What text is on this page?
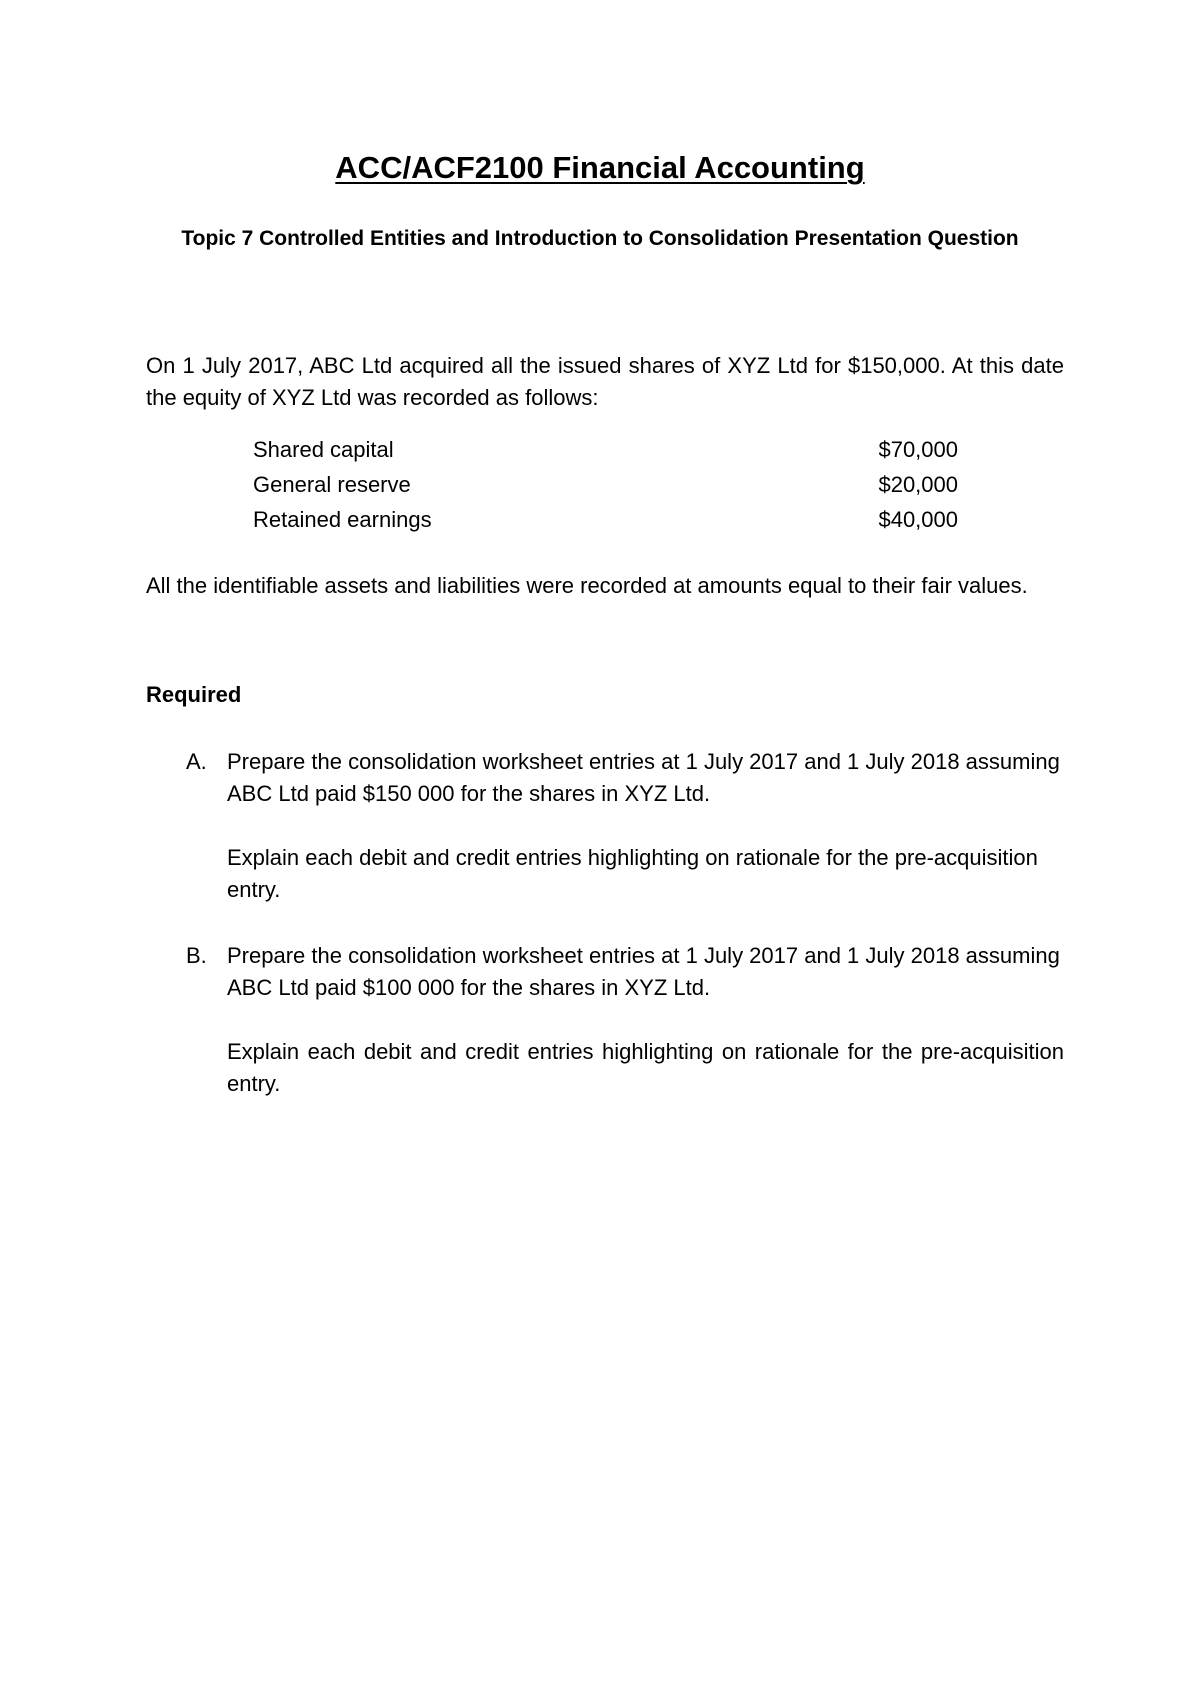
ACC/ACF2100 Financial Accounting

Topic 7 Controlled Entities and Introduction to Consolidation Presentation Question

On 1 July 2017, ABC Ltd acquired all the issued shares of XYZ Ltd for $150,000. At this date the equity of XYZ Ltd was recorded as follows:

Shared capital	$70,000
General reserve	$20,000
Retained earnings	$40,000

All the identifiable assets and liabilities were recorded at amounts equal to their fair values.

Required

A. Prepare the consolidation worksheet entries at 1 July 2017 and 1 July 2018 assuming ABC Ltd paid $150 000 for the shares in XYZ Ltd.

Explain each debit and credit entries highlighting on rationale for the pre-acquisition entry.

B. Prepare the consolidation worksheet entries at 1 July 2017 and 1 July 2018 assuming ABC Ltd paid $100 000 for the shares in XYZ Ltd.

Explain each debit and credit entries highlighting on rationale for the pre-acquisition entry.
